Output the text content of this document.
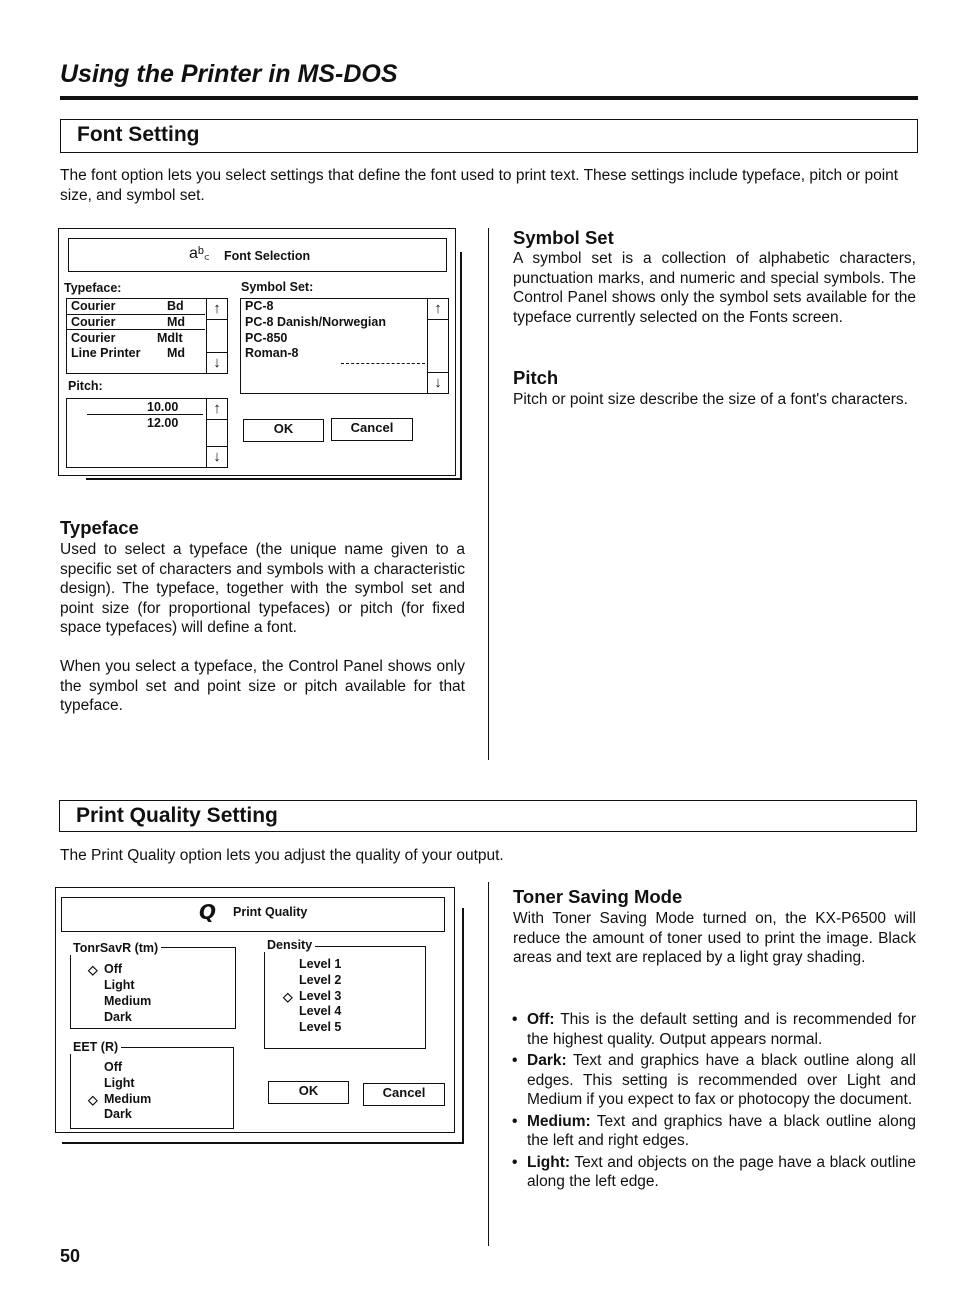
Using the Printer in MS-DOS
Font Setting

The font option lets you select settings that define the font used to print text. These settings include typeface, pitch or point size, and symbol set.

aᵇ꜀ Font Selection
Typeface:
Courier	Bd
Courier	Md
Courier	Mdlt
Line Printer Md
↑
↓
Symbol Set:
PC-8
PC-8 Danish/Norwegian
PC-850
Roman-8
↑
↓
Pitch:
10.00
12.00
↑
↓
OK	Cancel
Symbol Set

A symbol set is a collection of alphabetic characters, punctuation marks, and numeric and special symbols. The Control Panel shows only the symbol sets available for the typeface currently selected on the Fonts screen.

Pitch

Pitch or point size describe the size of a font's characters.

Typeface

Used to select a typeface (the unique name given to a specific set of characters and symbols with a characteristic design). The typeface, together with the symbol set and point size (for proportional typefaces) or pitch (for fixed space typefaces) will define a font.

When you select a typeface, the Control Panel shows only the symbol set and point size or pitch available for that typeface.

Print Quality Setting

The Print Quality option lets you adjust the quality of your output.

𝙌 Print Quality
TonrSavR (tm)
◇ Off
Light
Medium
Dark
EET (R)
Off
Light
◇ Medium
Dark
Density
Level 1
Level 2
◇ Level 3
Level 4
Level 5
OK	Cancel
Toner Saving Mode

With Toner Saving Mode turned on, the KX-P6500 will reduce the amount of toner used to print the image. Black areas and text are replaced by a light gray shading.

• Off: This is the default setting and is recommended for the highest quality. Output appears normal.
• Dark: Text and graphics have a black outline along all edges. This setting is recommended over Light and Medium if you expect to fax or photocopy the document.
• Medium: Text and graphics have a black outline along the left and right edges.
• Light: Text and objects on the page have a black outline along the left edge.
50
